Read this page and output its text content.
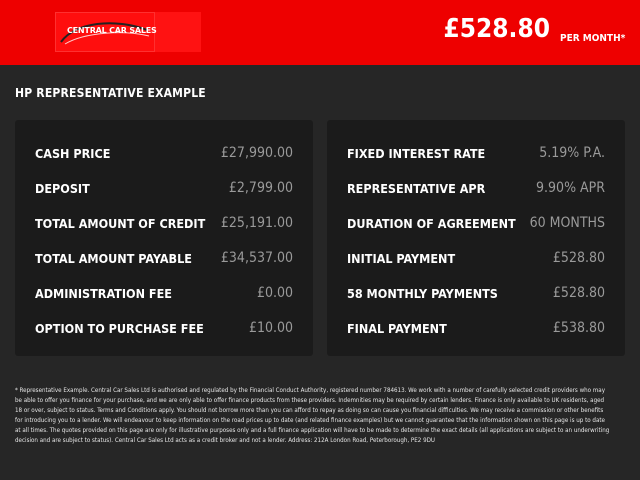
CENTRAL CAR SALES	£528.80 PER MONTH*
HP REPRESENTATIVE EXAMPLE
CASH PRICE	£27,990.00
DEPOSIT	£2,799.00
TOTAL AMOUNT OF CREDIT £25,191.00
TOTAL AMOUNT PAYABLE £34,537.00
ADMINISTRATION FEE	£0.00
OPTION TO PURCHASE FEE	£10.00
FIXED INTEREST RATE	5.19% P.A.
REPRESENTATIVE APR	9.90% APR
DURATION OF AGREEMENT 60 MONTHS
INITIAL PAYMENT	£528.80
58 MONTHLY PAYMENTS	£528.80
FINAL PAYMENT	£538.80
* Representative Example. Central Car Sales Ltd is authorised and regulated by the Financial Conduct Authority, registered number 784613. We work with a number of carefully selected credit providers who may be able to offer you finance for your purchase, and we are only able to offer finance products from these providers. Indemnities may be required by certain lenders. Finance is only available to UK residents, aged 18 or over, subject to status. Terms and Conditions apply. You should not borrow more than you can afford to repay as doing so can cause you financial difficulties. We may receive a commission or other benefits for introducing you to a lender. We will endeavour to keep information on the road prices up to date (and related finance examples) but we cannot guarantee that the information shown on this page is up to date at all times. The quotes provided on this page are only for illustrative purposes only and a full finance application will have to be made to determine the exact details (all applications are subject to an underwriting decision and are subject to status). Central Car Sales Ltd acts as a credit broker and not a lender. Address: 212A London Road, Peterborough, PE2 9DU
